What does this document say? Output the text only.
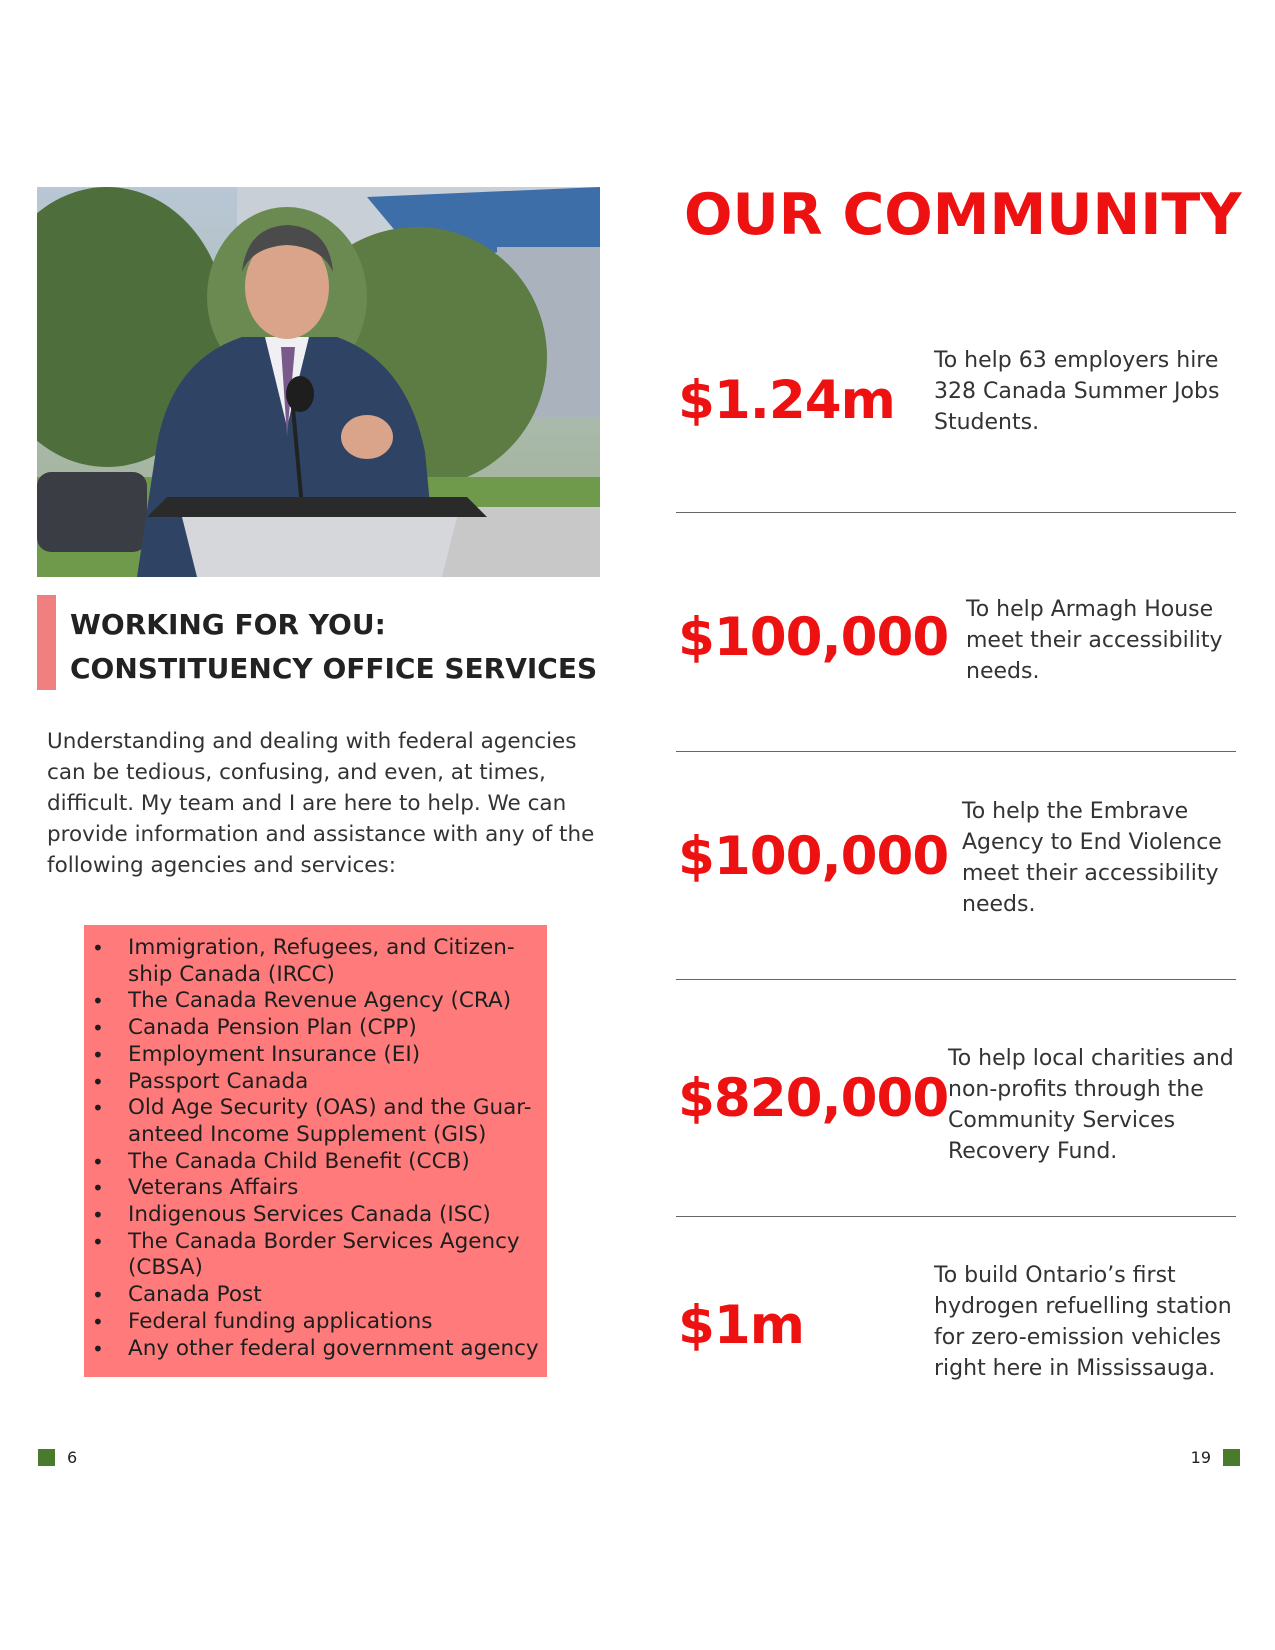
WORKING FOR YOU:
CONSTITUENCY OFFICE SERVICES

Understanding and dealing with federal agencies can be tedious, confusing, and even, at times, difficult. My team and I are here to help. We can provide information and assistance with any of the following agencies and services:

• Immigration, Refugees, and Citizen-ship Canada (IRCC)
• The Canada Revenue Agency (CRA)
• Canada Pension Plan (CPP)
• Employment Insurance (EI)
• Passport Canada
• Old Age Security (OAS) and the Guar-anteed Income Supplement (GIS)
• The Canada Child Benefit (CCB)
• Veterans Affairs
• Indigenous Services Canada (ISC)
• The Canada Border Services Agency (CBSA)
• Canada Post
• Federal funding applications
• Any other federal government agency
OUR COMMUNITY
$1.24m

To help 63 employers hire 328 Canada Summer Jobs Students.

$100,000 To help Armagh House meet their accessibility needs.

$100,000

To help the Embrave Agency to End Violence meet their accessibility needs.

$820,000

To help local charities and non-profits through the Community Services Recovery Fund.

$1m

To build Ontario’s first hydrogen refuelling station for zero-emission vehicles right here in Mississauga.

6	19
